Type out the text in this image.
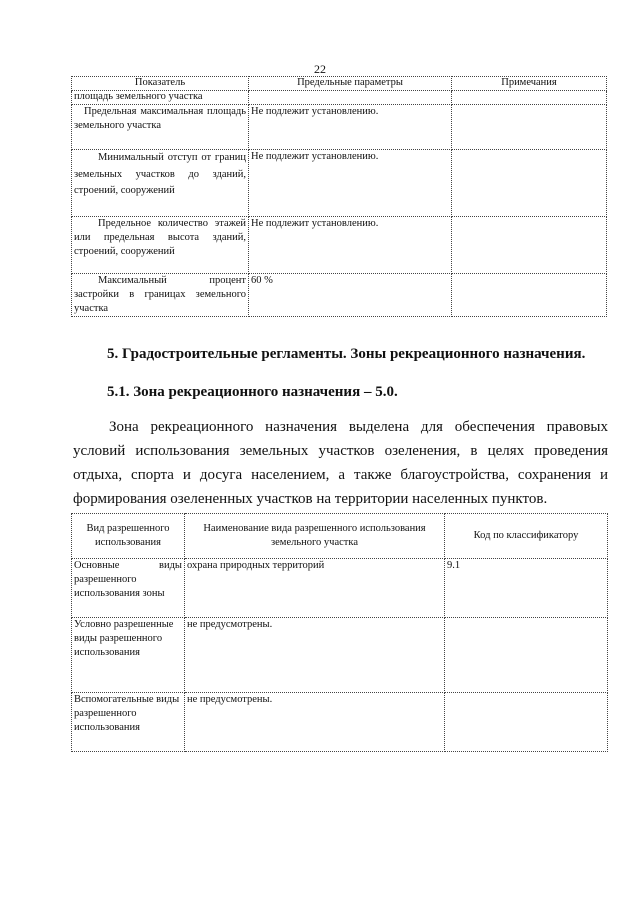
22
Показатель	Предельные параметры	Примечания
площадь земельного участка		

Предельная максимальная площадь земельного участка	Не подлежит установлению.	

Минимальный отступ от границ земельных участков до зданий, строений, сооружений	Не подлежит установлению.	

Предельное количество этажей или предельная высота зданий, строений, сооружений	Не подлежит установлению.	

Максимальный процент застройки в границах земельного участка	60 %	
5. Градостроительные регламенты. Зоны рекреационного назначения.
5.1. Зона рекреационного назначения – 5.0.

Зона рекреационного назначения выделена для обеспечения правовых условий использования земельных участков озеленения, в целях проведения отдыха, спорта и досуга населением, а также благоустройства, сохранения и формирования озелененных участков на территории населенных пунктов.

Вид разрешенного использования	Наименование вида разрешенного использования земельного участка	Код по классификатору

Основные виды разрешенного использования зоны	охрана природных территорий	9.1
Условно разрешенные виды разрешенного использования	не предусмотрены.	
Вспомогательные виды разрешенного использования	не предусмотрены.	
